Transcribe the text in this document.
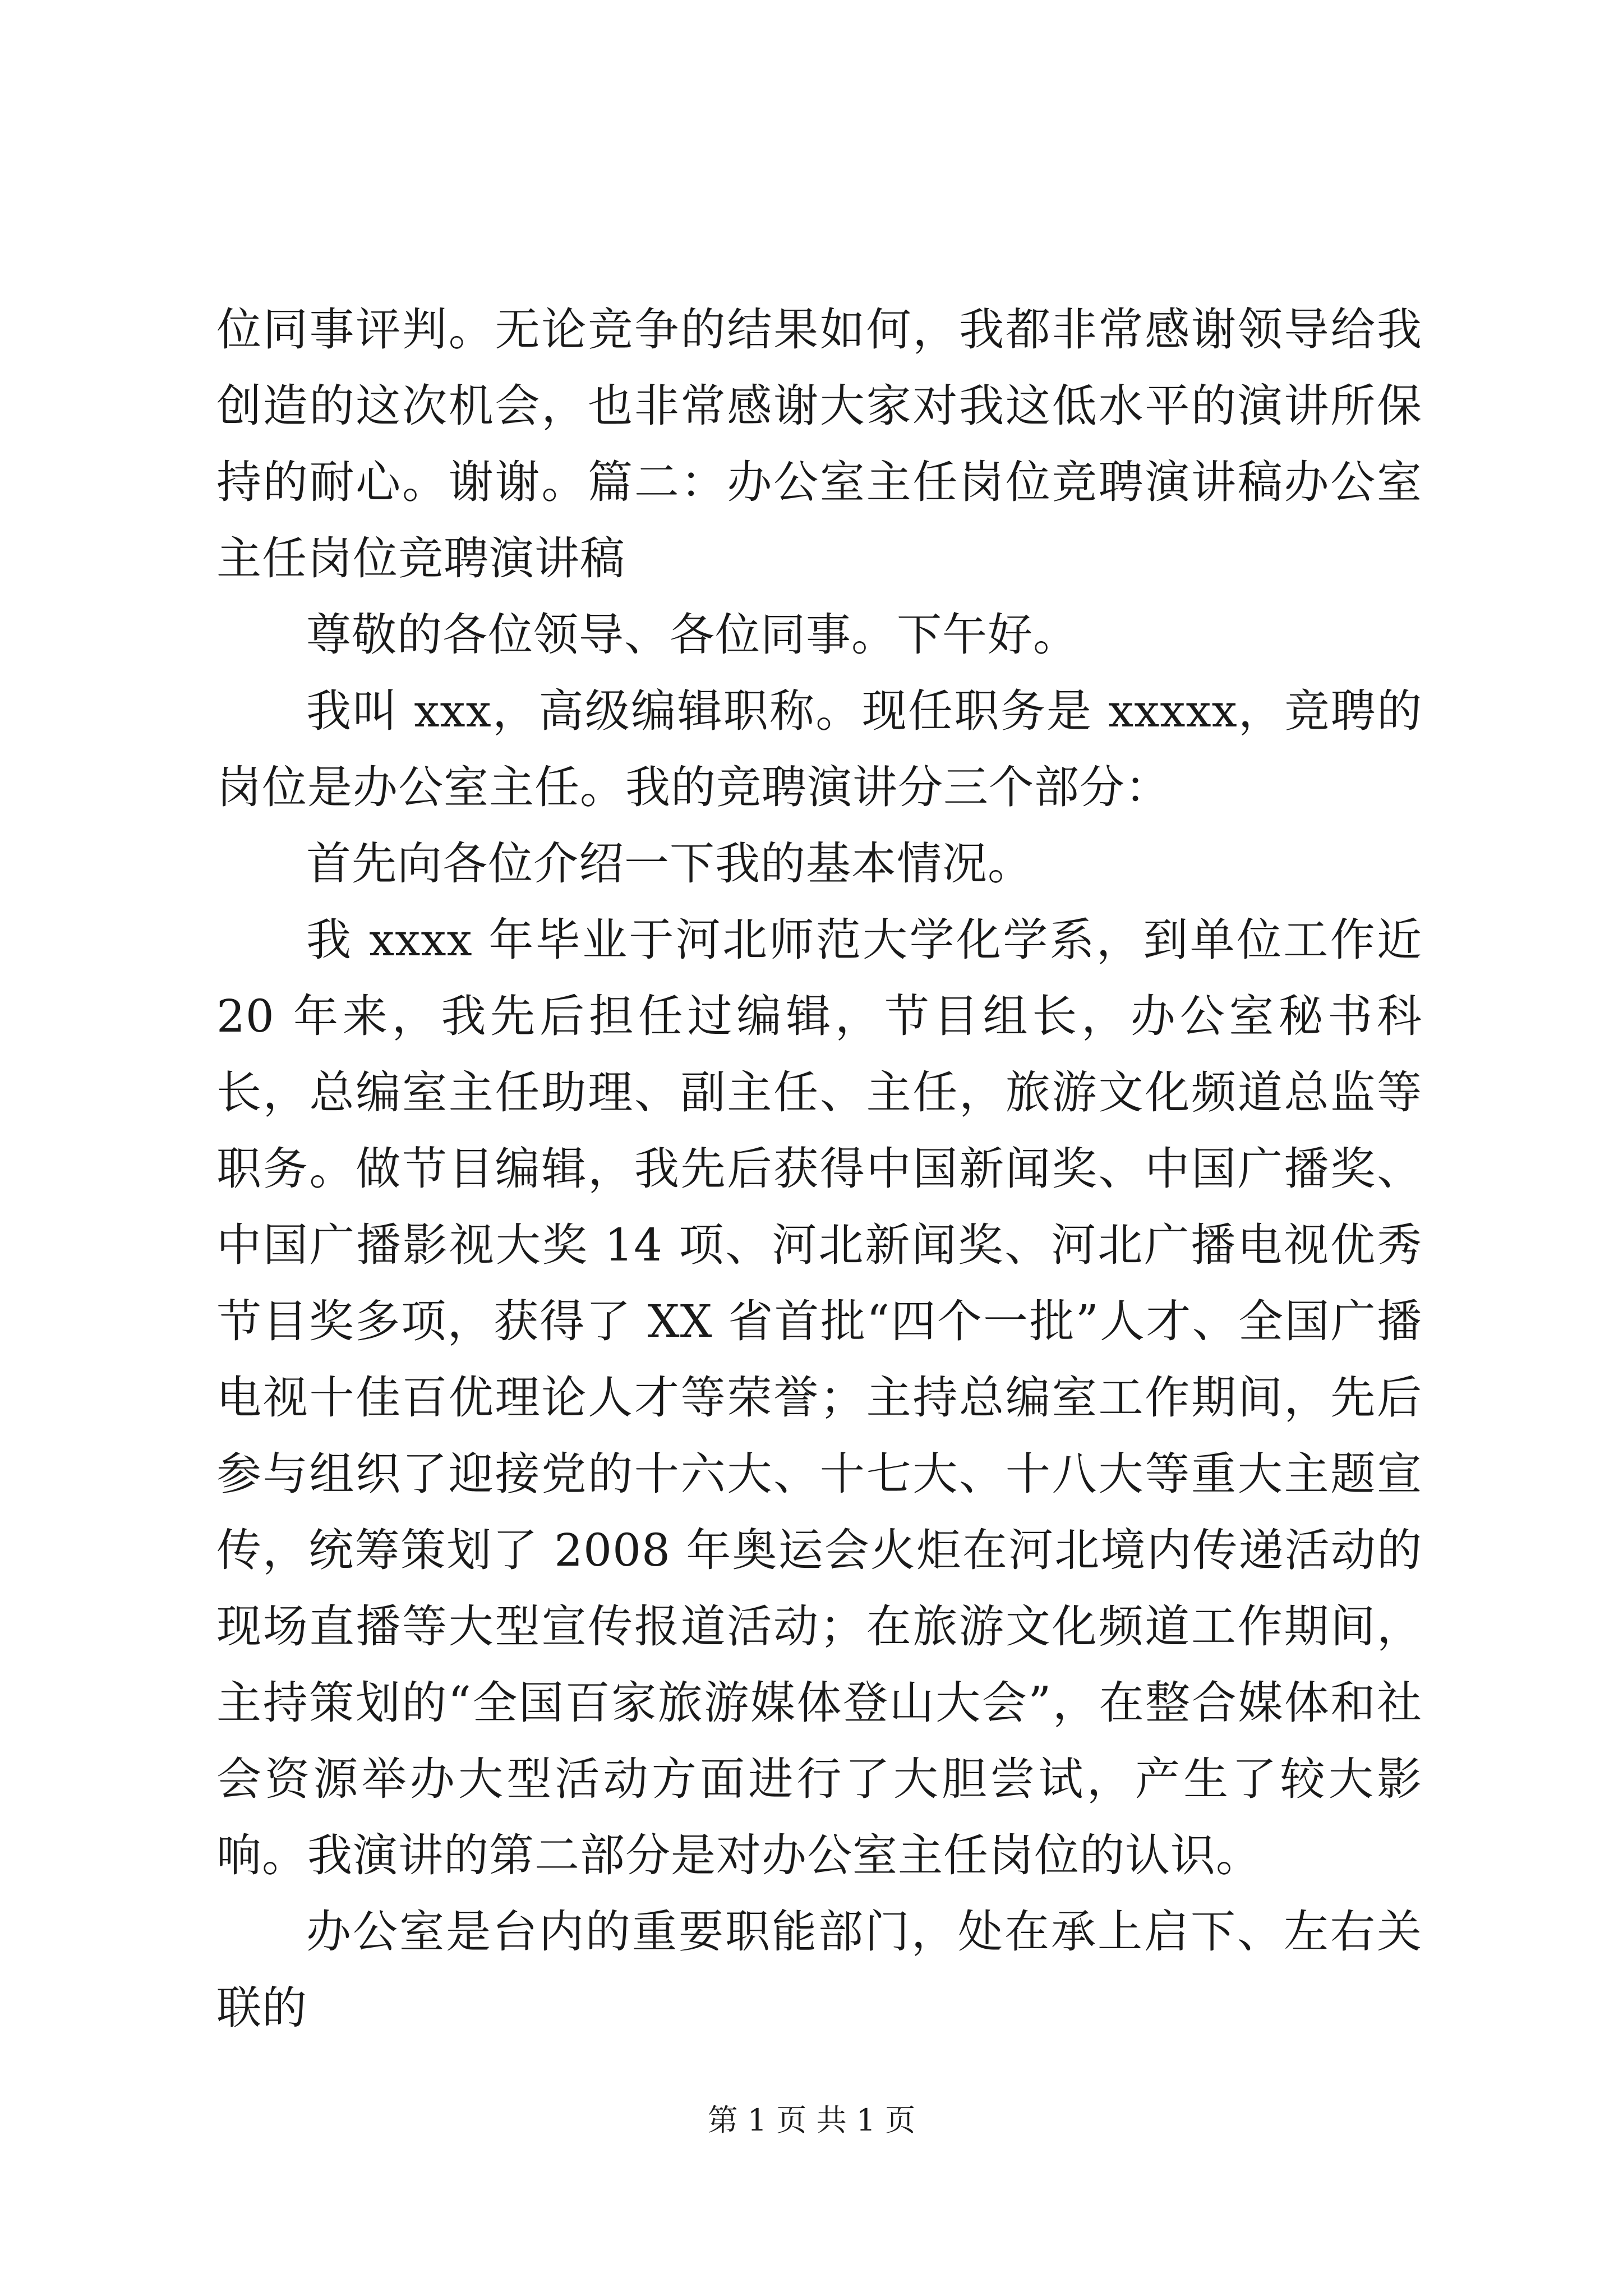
位同事评判。无论竞争的结果如何，我都非常感谢领导给我创造的这次机会，也非常感谢大家对我这低水平的演讲所保持的耐心。谢谢。篇二：办公室主任岗位竞聘演讲稿办公室主任岗位竞聘演讲稿

尊敬的各位领导、各位同事。下午好。

我叫 xxx，高级编辑职称。现任职务是 xxxxx，竞聘的岗位是办公室主任。我的竞聘演讲分三个部分：

首先向各位介绍一下我的基本情况。

我 xxxx 年毕业于河北师范大学化学系，到单位工作近 20 年来，我先后担任过编辑，节目组长，办公室秘书科长，总编室主任助理、副主任、主任，旅游文化频道总监等职务。做节目编辑，我先后获得中国新闻奖、中国广播奖、中国广播影视大奖 14 项、河北新闻奖、河北广播电视优秀节目奖多项，获得了 XX 省首批“四个一批”人才、全国广播电视十佳百优理论人才等荣誉；主持总编室工作期间，先后参与组织了迎接党的十六大、十七大、十八大等重大主题宣传，统筹策划了 2008 年奥运会火炬在河北境内传递活动的现场直播等大型宣传报道活动；在旅游文化频道工作期间，主持策划的“全国百家旅游媒体登山大会”，在整合媒体和社会资源举办大型活动方面进行了大胆尝试，产生了较大影响。我演讲的第二部分是对办公室主任岗位的认识。

办公室是台内的重要职能部门，处在承上启下、左右关联的

第 1 页 共 1 页
